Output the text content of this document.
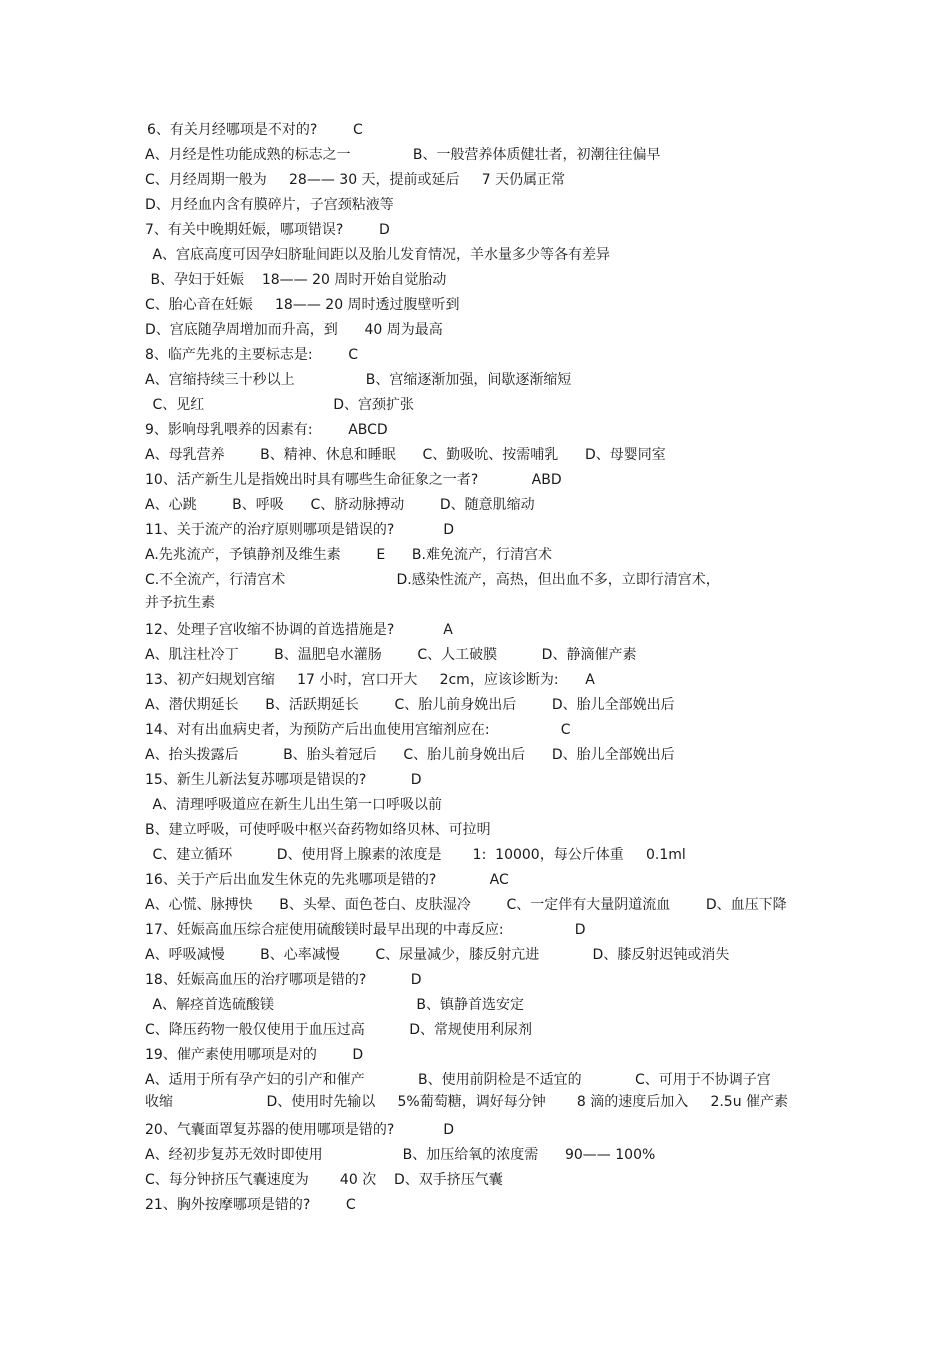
6、有关月经哪项是不对的?        C

A、月经是性功能成熟的标志之一              B、一般营养体质健壮者，初潮往往偏早

C、月经周期一般为     28—— 30 天，提前或延后     7 天仍属正常

D、月经血内含有膜碎片，子宫颈粘液等

7、有关中晚期妊娠，哪项错误?        D

A、宫底高度可因孕妇脐耻间距以及胎儿发育情况，羊水量多少等各有差异

B、孕妇于妊娠    18—— 20 周时开始自觉胎动

C、胎心音在妊娠     18—— 20 周时透过腹壁听到

D、宫底随孕周增加而升高，到      40 周为最高

8、临产先兆的主要标志是:        C

A、宫缩持续三十秒以上                B、宫缩逐渐加强，间歇逐渐缩短

C、见红                             D、宫颈扩张

9、影响母乳喂养的因素有:        ABCD

A、母乳营养        B、精神、休息和睡眠      C、勤吸吮、按需哺乳      D、母婴同室

10、活产新生儿是指娩出时具有哪些生命征象之一者?            ABD

A、心跳        B、呼吸      C、脐动脉搏动        D、随意肌缩动

11、关于流产的治疗原则哪项是错误的?           D

A.先兆流产，予镇静剂及维生素        E      B.难免流产，行清宫术

C.不全流产，行清宫术                         D.感染性流产，高热，但出血不多，立即行清宫术，

并予抗生素

12、处理子宫收缩不协调的首选措施是?           A

A、肌注杜冷丁        B、温肥皂水灌肠        C、人工破膜          D、静滴催产素

13、初产妇规划宫缩     17 小时，宫口开大     2cm，应该诊断为:      A

A、潜伏期延长      B、活跃期延长        C、胎儿前身娩出后        D、胎儿全部娩出后

14、对有出血病史者，为预防产后出血使用宫缩剂应在:                C

A、抬头拨露后          B、胎头着冠后      C、胎儿前身娩出后      D、胎儿全部娩出后

15、新生儿新法复苏哪项是错误的?          D

A、清理呼吸道应在新生儿出生第一口呼吸以前

B、建立呼吸，可使呼吸中枢兴奋药物如络贝林、可拉明

C、建立循环          D、使用肾上腺素的浓度是       1:  10000，每公斤体重     0.1ml

16、关于产后出血发生休克的先兆哪项是错的?            AC

A、心慌、脉搏快      B、头晕、面色苍白、皮肤湿冷        C、一定伴有大量阴道流血        D、血压下降

17、妊娠高血压综合症使用硫酸镁时最早出现的中毒反应:                D

A、呼吸减慢        B、心率减慢        C、尿量减少，膝反射亢进            D、膝反射迟钝或消失

18、妊娠高血压的治疗哪项是错的?          D

A、解痉首选硫酸镁                                B、镇静首选安定

C、降压药物一般仅使用于血压过高          D、常规使用利尿剂

19、催产素使用哪项是对的        D

A、适用于所有孕产妇的引产和催产            B、使用前阴检是不适宜的            C、可用于不协调子宫

收缩                     D、使用时先输以     5%葡萄糖，调好每分钟       8 滴的速度后加入     2.5u 催产素

20、气囊面罩复苏器的使用哪项是错的?           D

A、经初步复苏无效时即使用                  B、加压给氧的浓度需      90—— 100%

C、每分钟挤压气囊速度为       40 次    D、双手挤压气囊

21、胸外按摩哪项是错的?        C
